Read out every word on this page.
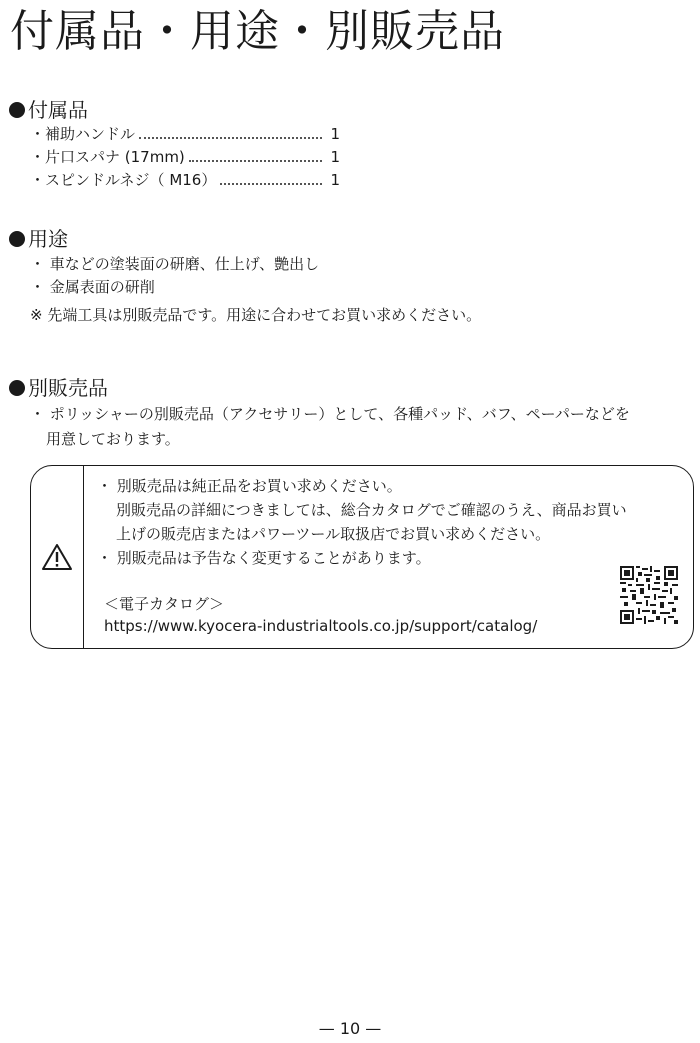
付属品・用途・別販売品
付属品
・補助ハンドル	1
・片口スパナ (17mm)	1
・スピンドルネジ（ M16）	1
用途
・ 車などの塗装面の研磨、仕上げ、艶出し
・ 金属表面の研削
※ 先端工具は別販売品です。用途に合わせてお買い求めください。
別販売品
・ ポリッシャーの別販売品（アクセサリー）として、各種パッド、バフ、ペーパーなどを
用意しております。
・ 別販売品は純正品をお買い求めください。
別販売品の詳細につきましては、総合カタログでご確認のうえ、商品お買い
上げの販売店またはパワーツール取扱店でお買い求めください。
・ 別販売品は予告なく変更することがあります。
＜電子カタログ＞
https://www.kyocera-industrialtools.co.jp/support/catalog/
— 10 —
